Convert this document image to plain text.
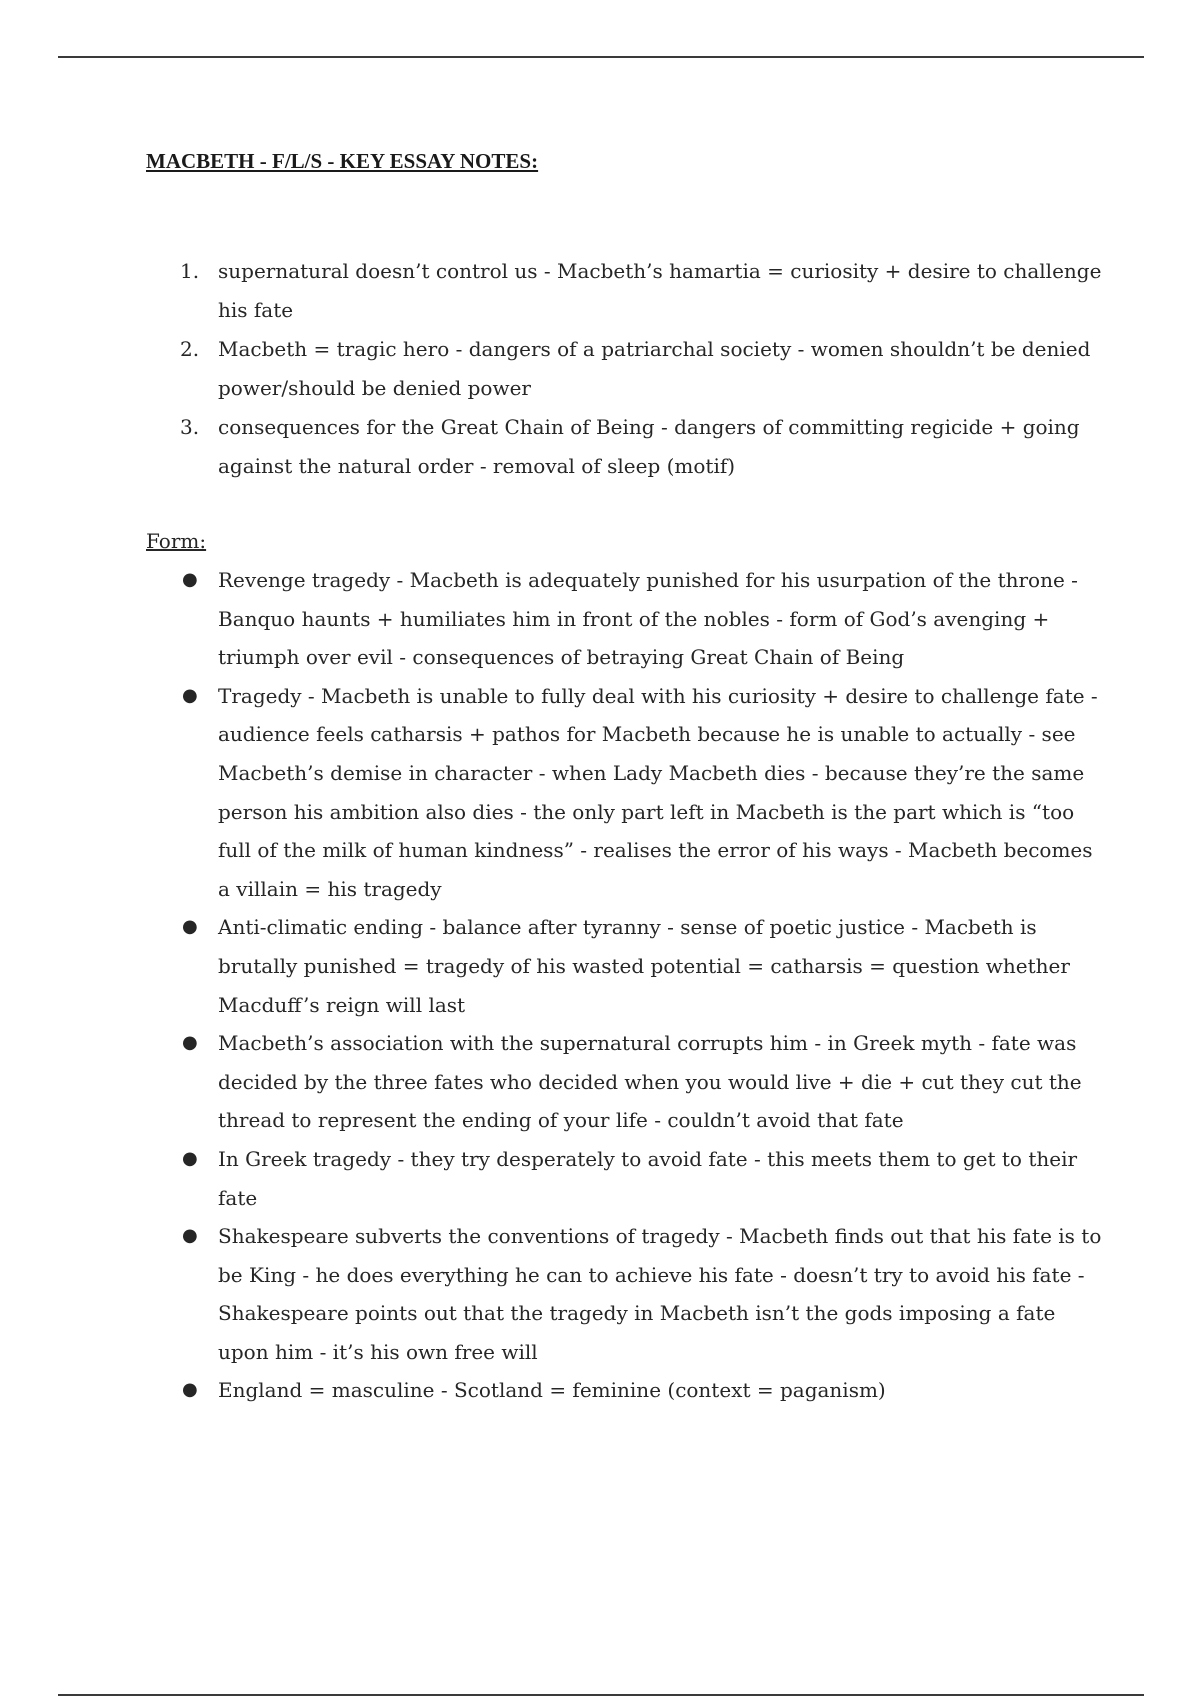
MACBETH - F/L/S - KEY ESSAY NOTES:
1. supernatural doesn’t control us - Macbeth’s hamartia = curiosity + desire to challenge his fate
2. Macbeth = tragic hero - dangers of a patriarchal society - women shouldn’t be denied power/should be denied power
3. consequences for the Great Chain of Being - dangers of committing regicide + going against the natural order - removal of sleep (motif)
Form:
● Revenge tragedy - Macbeth is adequately punished for his usurpation of the throne - Banquo haunts + humiliates him in front of the nobles - form of God’s avenging + triumph over evil - consequences of betraying Great Chain of Being
● Tragedy - Macbeth is unable to fully deal with his curiosity + desire to challenge fate - audience feels catharsis + pathos for Macbeth because he is unable to actually - see Macbeth’s demise in character - when Lady Macbeth dies - because they’re the same person his ambition also dies - the only part left in Macbeth is the part which is “too full of the milk of human kindness” - realises the error of his ways - Macbeth becomes a villain = his tragedy
● Anti-climatic ending - balance after tyranny - sense of poetic justice - Macbeth is brutally punished = tragedy of his wasted potential = catharsis = question whether Macduff’s reign will last
● Macbeth’s association with the supernatural corrupts him - in Greek myth - fate was decided by the three fates who decided when you would live + die + cut they cut the thread to represent the ending of your life - couldn’t avoid that fate
● In Greek tragedy - they try desperately to avoid fate - this meets them to get to their fate
● Shakespeare subverts the conventions of tragedy - Macbeth finds out that his fate is to be King - he does everything he can to achieve his fate - doesn’t try to avoid his fate - Shakespeare points out that the tragedy in Macbeth isn’t the gods imposing a fate upon him - it’s his own free will
● England = masculine - Scotland = feminine (context = paganism)
